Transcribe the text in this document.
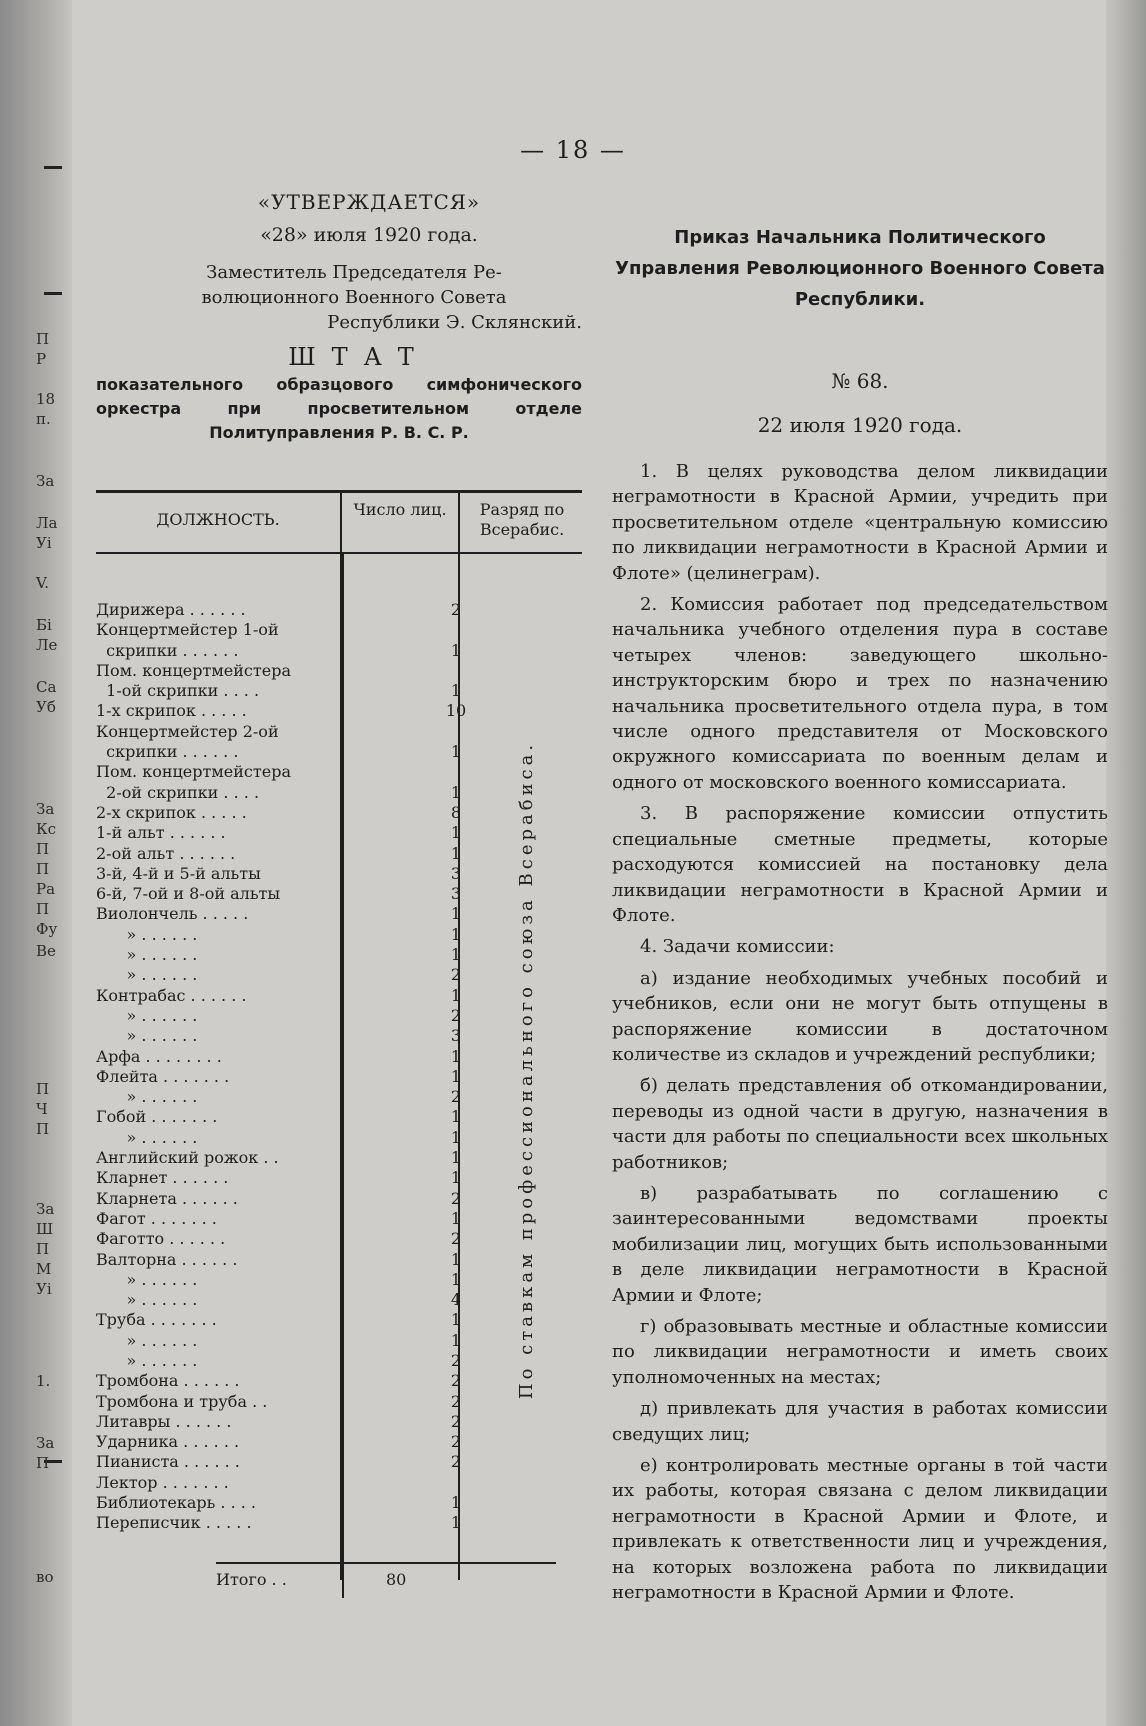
П
Р
18
п.
За
Ла
Уі
V.
Бі
Ле
Са
Уб
За
Кс
П
П
Ра
П
Фу
Ве
П
Ч
П
За
Ш
П
М
Уі
1.
За
П
во
— 18 —
«УТВЕРЖДАЕТСЯ»
«28» июля 1920 года.
Заместитель Председателя Ре-
волюционного Военного Совета
Республики Э. Склянский.
ШТАТ
показательного образцового симфонического оркестра при просветительном отделе Политуправления Р. В. С. Р.
ДОЛЖНОСТЬ.
Число лиц.	Разряд по Всерабис.
Дирижера . . . . . .	2
Концертмейстер 1-ой
скрипки . . . . . .	1
Пом. концертмейстера
1-ой скрипки . . . .	1
1-х скрипок . . . . .	10
Концертмейстер 2-ой
скрипки . . . . . .	1
Пом. концертмейстера
2-ой скрипки . . . .	1
2-х скрипок . . . . .	8
1-й альт . . . . . .	1
2-ой альт . . . . . .	1
3-й, 4-й и 5-й альты	3
6-й, 7-ой и 8-ой альты	3
Виолончель . . . . .	1
» . . . . . .	1
» . . . . . .	1
» . . . . . .	2
Контрабас . . . . . .	1
» . . . . . .	2
» . . . . . .	3
Арфа . . . . . . . .	1
Флейта . . . . . . .	1
» . . . . . .	2
Гобой . . . . . . .	1
» . . . . . .	1
Английский рожок . .	1
Кларнет . . . . . .	1
Кларнета . . . . . .	2
Фагот . . . . . . .	1
Фаготто . . . . . .	2
Валторна . . . . . .	1
» . . . . . .	1
» . . . . . .	4
Труба . . . . . . .	1
» . . . . . .	1
» . . . . . .	2
Тромбона . . . . . .	2
Тромбона и труба . .	2
Литавры . . . . . .	2
Ударника . . . . . .	2
Пианиста . . . . . .	2
Лектор . . . . . . .
Библиотекарь . . . .	1
Переписчик . . . . .	1
По ставкам профессионального союза Всерабиса.
Итого . .	80
Приказ Начальника Политического Управления Революционного Военного Совета Республики.
№ 68.
22 июля 1920 года.

1. В целях руководства делом ликвидации неграмотности в Красной Армии, учредить при просветительном отделе «центральную комиссию по ликвидации неграмотности в Красной Армии и Флоте» (целинеграм).

2. Комиссия работает под председательством начальника учебного отделения пура в составе четырех членов: заведующего школьно-инструкторским бюро и трех по назначению начальника просветительного отдела пура, в том числе одного представителя от Московского окружного комиссариата по военным делам и одного от московского военного комиссариата.

3. В распоряжение комиссии отпустить специальные сметные предметы, которые расходуются комиссией на постановку дела ликвидации неграмотности в Красной Армии и Флоте.

4. Задачи комиссии:

а) издание необходимых учебных пособий и учебников, если они не могут быть отпущены в распоряжение комиссии в достаточном количестве из складов и учреждений республики;

б) делать представления об откомандировании, переводы из одной части в другую, назначения в части для работы по специальности всех школьных работников;

в) разрабатывать по соглашению с заинтересованными ведомствами проекты мобилизации лиц, могущих быть использованными в деле ликвидации неграмотности в Красной Армии и Флоте;

г) образовывать местные и областные комиссии по ликвидации неграмотности и иметь своих уполномоченных на местах;

д) привлекать для участия в работах комиссии сведущих лиц;

е) контролировать местные органы в той части их работы, которая связана с делом ликвидации неграмотности в Красной Армии и Флоте, и привлекать к ответственности лиц и учреждения, на которых возложена работа по ликвидации неграмотности в Красной Армии и Флоте.
